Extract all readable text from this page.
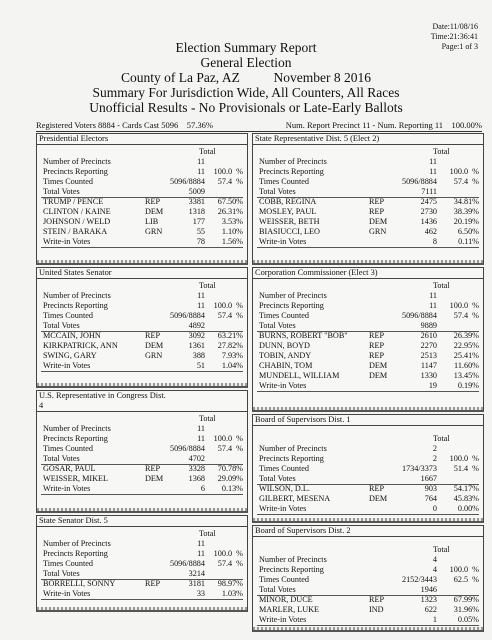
Date:11/08/16
Time:21:36:41
Page:1 of 3
Election Summary Report
General Election
County of La Paz, AZ          November 8 2016
Summary For Jurisdiction Wide, All Counters, All Races
Unofficial Results - No Provisionals or Late-Early Ballots
Registered Voters 8884 - Cards Cast 5096    57.36%	Num. Report Precinct 11 - Num. Reporting 11    100.00%
Presidential Electors
Total
Number of Precincts	11
Precincts Reporting	11 100.0  %
Times Counted	5096/8884 57.4  %
Total Votes	5009
TRUMP / PENCE	REP	3381 67.50%
CLINTON / KAINE	DEM	1318 26.31%
JOHNSON / WELD	LIB	177 3.53%
STEIN / BARAKA	GRN	55 1.10%
Write-in Votes	78 1.56%
United States Senator
Total
Number of Precincts	11
Precincts Reporting	11 100.0  %
Times Counted	5096/8884 57.4  %
Total Votes	4892
MCCAIN, JOHN	REP	3092 63.21%
KIRKPATRICK, ANN	DEM	1361 27.82%
SWING, GARY	GRN	388 7.93%
Write-in Votes	51 1.04%
U.S. Representative in Congress Dist.
4
Total
Number of Precincts	11
Precincts Reporting	11 100.0  %
Times Counted	5096/8884 57.4  %
Total Votes	4702
GOSAR, PAUL	REP	3328 70.78%
WEISSER, MIKEL	DEM	1368 29.09%
Write-in Votes	6 0.13%
State Senator Dist. 5
Total
Number of Precincts	11
Precincts Reporting	11 100.0  %
Times Counted	5096/8884 57.4  %
Total Votes	3214
BORRELLI, SONNY	REP	3181 98.97%
Write-in Votes	33 1.03%
State Representative Dist. 5 (Elect 2)
Total
Number of Precincts	11
Precincts Reporting	11 100.0  %
Times Counted	5096/8884 57.4  %
Total Votes	7111
COBB, REGINA	REP	2475 34.81%
MOSLEY, PAUL	REP	2730 38.39%
WEISSER, BETH	DEM	1436 20.19%
BIASIUCCI, LEO	GRN	462	6.50%
Write-in Votes	8	0.11%
Corporation Commissioner (Elect 3)
Total
Number of Precincts	11
Precincts Reporting	11 100.0  %
Times Counted	5096/8884 57.4  %
Total Votes	9889
BURNS, ROBERT "BOB"	REP	2610 26.39%
DUNN, BOYD	REP	2270 22.95%
TOBIN, ANDY	REP	2513 25.41%
CHABIN, TOM	DEM	1147 11.60%
MUNDELL, WILLIAM	DEM	1330 13.45%
Write-in Votes	19	0.19%
Board of Supervisors Dist. 1
Total
Number of Precincts	2
Precincts Reporting	2 100.0  %
Times Counted	1734/3373 51.4  %
Total Votes	1667
WILSON, D.L.	REP	903 54.17%
GILBERT, MESENA	DEM	764 45.83%
Write-in Votes	0	0.00%
Board of Supervisors Dist. 2
Total
Number of Precincts	4
Precincts Reporting	4 100.0  %
Times Counted	2152/3443 62.5  %
Total Votes	1946
MINOR, DUCE	REP	1323 67.99%
MARLER, LUKE	IND	622 31.96%
Write-in Votes	1	0.05%
